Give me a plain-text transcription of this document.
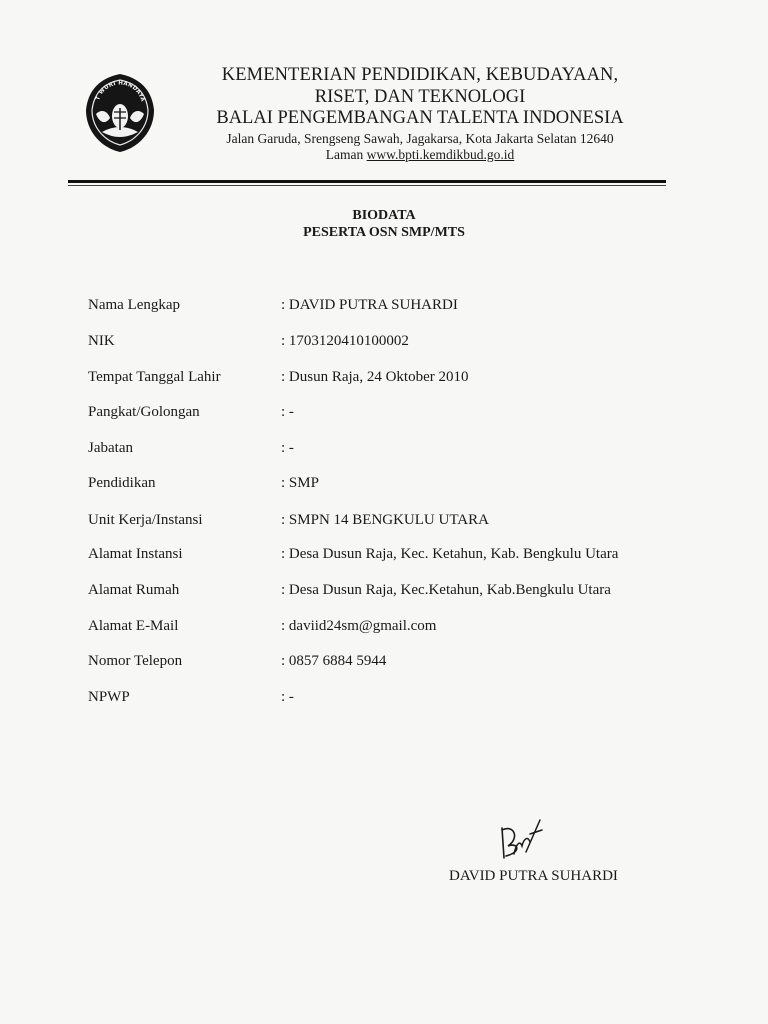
T WURI HANDAYA
KEMENTERIAN PENDIDIKAN, KEBUDAYAAN,
RISET, DAN TEKNOLOGI
BALAI PENGEMBANGAN TALENTA INDONESIA
Jalan Garuda, Srengseng Sawah, Jagakarsa, Kota Jakarta Selatan 12640
Laman www.bpti.kemdikbud.go.id
BIODATA
PESERTA OSN SMP/MTS
Nama Lengkap	: DAVID PUTRA SUHARDI
NIK	: 1703120410100002
Tempat Tanggal Lahir	: Dusun Raja, 24 Oktober 2010
Pangkat/Golongan	: -
Jabatan	: -
Pendidikan	: SMP
Unit Kerja/Instansi	: SMPN 14 BENGKULU UTARA
Alamat Instansi	: Desa Dusun Raja, Kec. Ketahun, Kab. Bengkulu Utara
Alamat Rumah	: Desa Dusun Raja, Kec.Ketahun, Kab.Bengkulu Utara
Alamat E-Mail	: daviid24sm@gmail.com
Nomor Telepon	: 0857 6884 5944
NPWP	: -
DAVID PUTRA SUHARDI
